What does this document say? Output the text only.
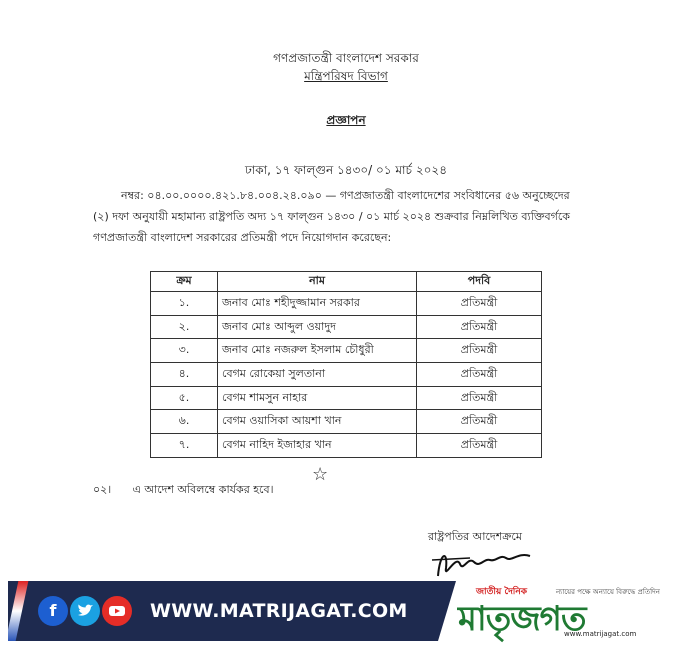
গণপ্রজাতন্ত্রী বাংলাদেশ সরকার
মন্ত্রিপরিষদ বিভাগ
প্রজ্ঞাপন
ঢাকা, ১৭ ফাল্গুন ১৪৩০/ ০১ মার্চ ২০২৪
নম্বর: ০৪.০০.০০০০.৪২১.৮৪.০০৪.২৪.০৯০ — গণপ্রজাতন্ত্রী বাংলাদেশের সংবিধানের ৫৬ অনুচ্ছেদের
(২) দফা অনুযায়ী মহামান্য রাষ্ট্রপতি অদ্য ১৭ ফাল্গুন ১৪৩০ / ০১ মার্চ ২০২৪ শুক্রবার নিম্নলিখিত ব্যক্তিবর্গকে
গণপ্রজাতন্ত্রী বাংলাদেশ সরকারের প্রতিমন্ত্রী পদে নিয়োগদান করেছেন:
ক্রম	নাম	পদবি
১.	জনাব মোঃ শহীদুজ্জামান সরকার	প্রতিমন্ত্রী
২.	জনাব মোঃ আব্দুল ওয়াদুদ	প্রতিমন্ত্রী
৩.	জনাব মোঃ নজরুল ইসলাম চৌধুরী	প্রতিমন্ত্রী
৪.	বেগম রোকেয়া সুলতানা	প্রতিমন্ত্রী
৫.	বেগম শামসুন নাহার	প্রতিমন্ত্রী
৬.	বেগম ওয়াসিকা আয়শা খান	প্রতিমন্ত্রী
৭.	বেগম নাহিদ ইজাহার খান	প্রতিমন্ত্রী
☆
০২। এ আদেশ অবিলম্বে কার্যকর হবে।
রাষ্ট্রপতির আদেশক্রমে
f	WWW.MATRIJAGAT.COM
জাতীয় দৈনিক	ন্যায়ের পক্ষে অন্যায়ে বিরুদ্ধে প্রতিদিন
মাতৃজগত
www.matrijagat.com
